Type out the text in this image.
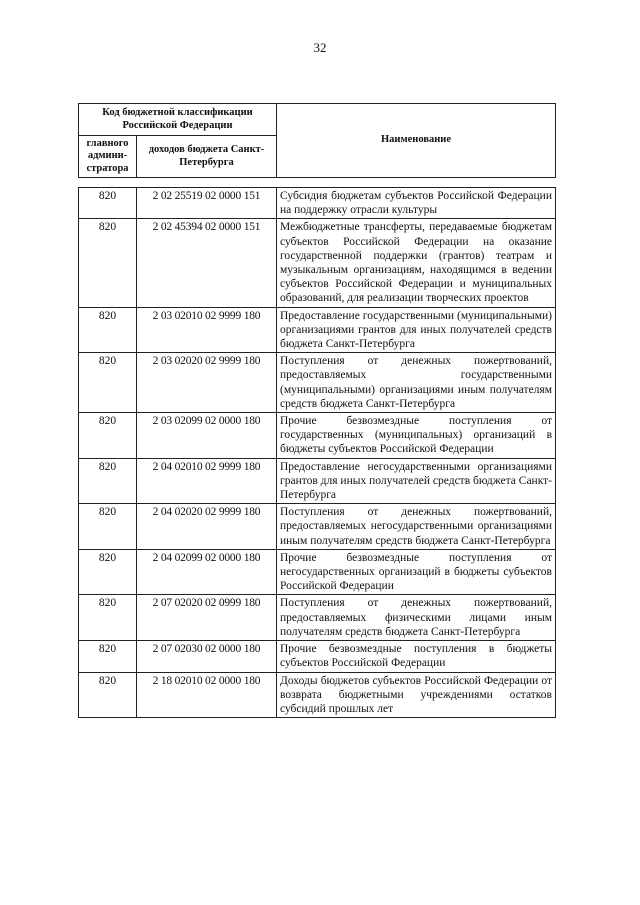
32
Код бюджетной классификации Российской Федерации		Наименование
главного админи-стратора	доходов бюджета Санкт-Петербурга	
820	2 02 25519 02 0000 151	Субсидия бюджетам субъектов Российской Федерации на поддержку отрасли культуры
820	2 02 45394 02 0000 151	Межбюджетные трансферты, передаваемые бюджетам субъектов Российской Федерации на оказание государственной поддержки (грантов) театрам и музыкальным организациям, находящимся в ведении субъектов Российской Федерации и муниципальных образований, для реализации творческих проектов
820	2 03 02010 02 9999 180	Предоставление государственными (муниципальными) организациями грантов для иных получателей средств бюджета Санкт-Петербурга
820	2 03 02020 02 9999 180	Поступления от денежных пожертвований, предоставляемых государственными (муниципальными) организациями иным получателям средств бюджета Санкт-Петербурга
820	2 03 02099 02 0000 180	Прочие безвозмездные поступления от государственных (муниципальных) организаций в бюджеты субъектов Российской Федерации
820	2 04 02010 02 9999 180	Предоставление негосударственными организациями грантов для иных получателей средств бюджета Санкт-Петербурга
820	2 04 02020 02 9999 180	Поступления от денежных пожертвований, предоставляемых негосударственными организациями иным получателям средств бюджета Санкт-Петербурга
820	2 04 02099 02 0000 180	Прочие безвозмездные поступления от негосударственных организаций в бюджеты субъектов Российской Федерации
820	2 07 02020 02 0999 180	Поступления от денежных пожертвований, предоставляемых физическими лицами иным получателям средств бюджета Санкт-Петербурга
820	2 07 02030 02 0000 180	Прочие безвозмездные поступления в бюджеты субъектов Российской Федерации
820	2 18 02010 02 0000 180	Доходы бюджетов субъектов Российской Федерации от возврата бюджетными учреждениями остатков субсидий прошлых лет
